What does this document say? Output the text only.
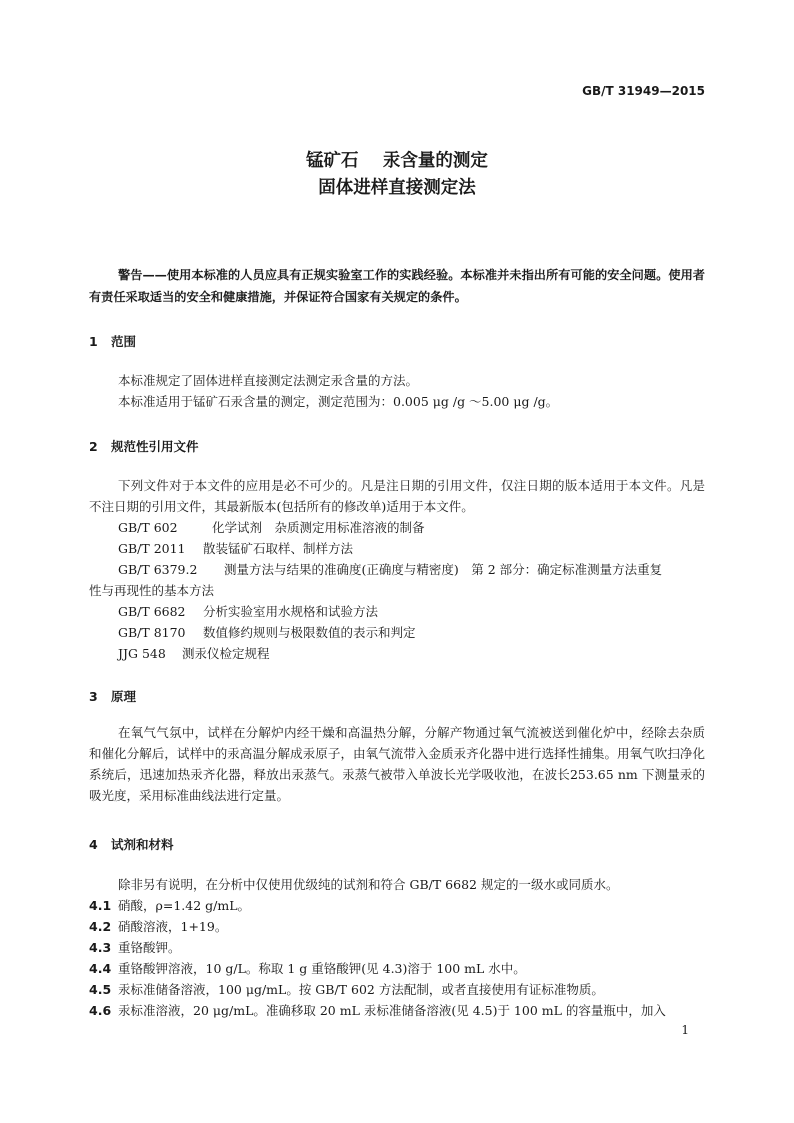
GB/T 31949—2015
锰矿石    汞含量的测定
固体进样直接测定法

警告——使用本标准的人员应具有正规实验室工作的实践经验。本标准并未指出所有可能的安全问题。使用者有责任采取适当的安全和健康措施，并保证符合国家有关规定的条件。

1 范围

本标准规定了固体进样直接测定法测定汞含量的方法。

本标准适用于锰矿石汞含量的测定，测定范围为：0.005 μg /g ～5.00 μg /g。

2 规范性引用文件

下列文件对于本文件的应用是必不可少的。凡是注日期的引用文件，仅注日期的版本适用于本文件。凡是不注日期的引用文件，其最新版本(包括所有的修改单)适用于本文件。

GB/T 602	化学试剂　杂质测定用标准溶液的制备

GB/T 2011 散装锰矿石取样、制样方法

GB/T 6379.2 测量方法与结果的准确度(正确度与精密度)　第 2 部分：确定标准测量方法重复

性与再现性的基本方法

GB/T 6682 分析实验室用水规格和试验方法

GB/T 8170 数值修约规则与极限数值的表示和判定

JJG 548 测汞仪检定规程

3 原理

在氧气气氛中，试样在分解炉内经干燥和高温热分解，分解产物通过氧气流被送到催化炉中，经除去杂质和催化分解后，试样中的汞高温分解成汞原子，由氧气流带入金质汞齐化器中进行选择性捕集。用氧气吹扫净化系统后，迅速加热汞齐化器，释放出汞蒸气。汞蒸气被带入单波长光学吸收池，在波长253.65 nm 下测量汞的吸光度，采用标准曲线法进行定量。

4 试剂和材料

除非另有说明，在分析中仅使用优级纯的试剂和符合 GB/T 6682 规定的一级水或同质水。

4.1 硝酸，ρ=1.42 g/mL。

4.2 硝酸溶液，1+19。

4.3 重铬酸钾。

4.4 重铬酸钾溶液，10 g/L。称取 1 g 重铬酸钾(见 4.3)溶于 100 mL 水中。

4.5 汞标准储备溶液，100 μg/mL。按 GB/T 602 方法配制，或者直接使用有证标准物质。

4.6 汞标准溶液，20 μg/mL。准确移取 20 mL 汞标准储备溶液(见 4.5)于 100 mL 的容量瓶中，加入

1
